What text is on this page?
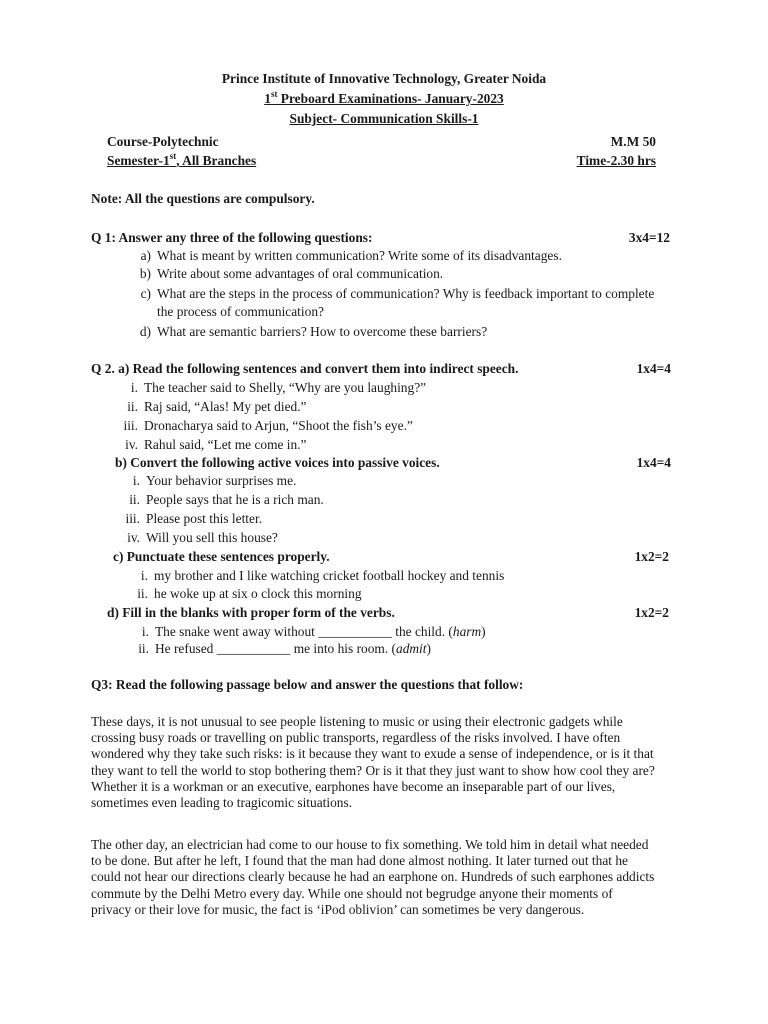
Prince Institute of Innovative Technology, Greater Noida
1st Preboard Examinations- January-2023
Subject- Communication Skills-1
Course-Polytechnic	M.M 50
Semester-1st, All Branches	Time-2.30 hrs
Note: All the questions are compulsory.
Q 1: Answer any three of the following questions:	3x4=12
a) What is meant by written communication? Write some of its disadvantages.
b) Write about some advantages of oral communication.
c) What are the steps in the process of communication? Why is feedback important to complete
the process of communication?
d) What are semantic barriers? How to overcome these barriers?
Q 2. a) Read the following sentences and convert them into indirect speech.	1x4=4
i. The teacher said to Shelly, “Why are you laughing?”
ii. Raj said, “Alas! My pet died.”
iii. Dronacharya said to Arjun, “Shoot the fish’s eye.”
iv. Rahul said, “Let me come in.”
b) Convert the following active voices into passive voices.	1x4=4
i. Your behavior surprises me.
ii. People says that he is a rich man.
iii. Please post this letter.
iv. Will you sell this house?
c) Punctuate these sentences properly.	1x2=2
i. my brother and I like watching cricket football hockey and tennis
ii. he woke up at six o clock this morning
d) Fill in the blanks with proper form of the verbs.	1x2=2
i. The snake went away without ___________ the child. (harm)
ii. He refused ___________ me into his room. (admit)
Q3: Read the following passage below and answer the questions that follow:
These days, it is not unusual to see people listening to music or using their electronic gadgets while
crossing busy roads or travelling on public transports, regardless of the risks involved. I have often
wondered why they take such risks: is it because they want to exude a sense of independence, or is it that
they want to tell the world to stop bothering them? Or is it that they just want to show how cool they are?
Whether it is a workman or an executive, earphones have become an inseparable part of our lives,
sometimes even leading to tragicomic situations.
The other day, an electrician had come to our house to fix something. We told him in detail what needed
to be done. But after he left, I found that the man had done almost nothing. It later turned out that he
could not hear our directions clearly because he had an earphone on. Hundreds of such earphones addicts
commute by the Delhi Metro every day. While one should not begrudge anyone their moments of
privacy or their love for music, the fact is ‘iPod oblivion’ can sometimes be very dangerous.
